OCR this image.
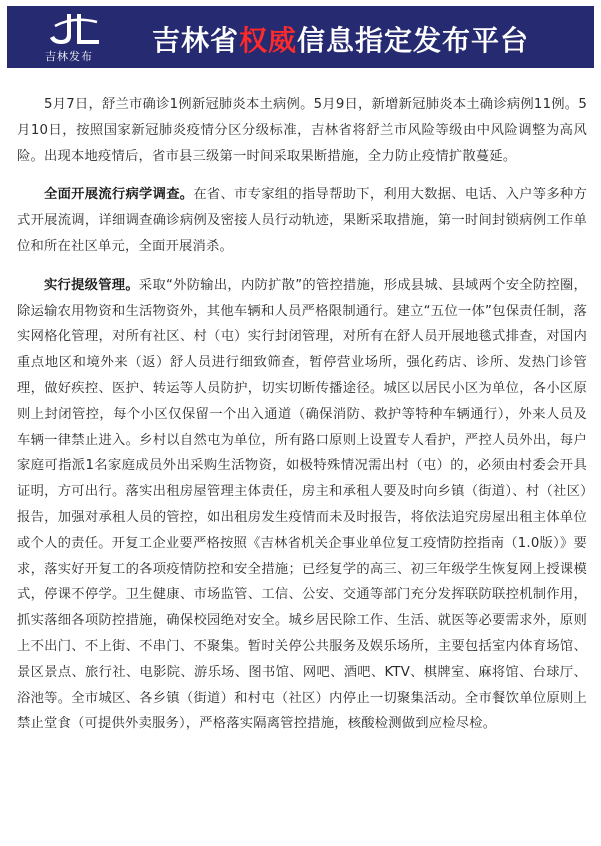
吉林发布 吉林省权威信息指定发布平台

5月7日，舒兰市确诊1例新冠肺炎本土病例。5月9日，新增新冠肺炎本土确诊病例11例。5月10日，按照国家新冠肺炎疫情分区分级标准，吉林省将舒兰市风险等级由中风险调整为高风险。出现本地疫情后，省市县三级第一时间采取果断措施，全力防止疫情扩散蔓延。

全面开展流行病学调查。在省、市专家组的指导帮助下，利用大数据、电话、入户等多种方式开展流调，详细调查确诊病例及密接人员行动轨迹，果断采取措施，第一时间封锁病例工作单位和所在社区单元，全面开展消杀。

实行提级管理。采取“外防输出，内防扩散”的管控措施，形成县城、县域两个安全防控圈，除运输农用物资和生活物资外，其他车辆和人员严格限制通行。建立“五位一体”包保责任制，落实网格化管理，对所有社区、村（屯）实行封闭管理，对所有在舒人员开展地毯式排查，对国内重点地区和境外来（返）舒人员进行细致筛查，暂停营业场所，强化药店、诊所、发热门诊管理，做好疾控、医护、转运等人员防护，切实切断传播途径。城区以居民小区为单位，各小区原则上封闭管控，每个小区仅保留一个出入通道（确保消防、救护等特种车辆通行），外来人员及车辆一律禁止进入。乡村以自然屯为单位，所有路口原则上设置专人看护，严控人员外出，每户家庭可指派1名家庭成员外出采购生活物资，如极特殊情况需出村（屯）的，必须由村委会开具证明，方可出行。落实出租房屋管理主体责任，房主和承租人要及时向乡镇（街道）、村（社区）报告，加强对承租人员的管控，如出租房发生疫情而未及时报告，将依法追究房屋出租主体单位或个人的责任。开复工企业要严格按照《吉林省机关企事业单位复工疫情防控指南（1.0版）》要求，落实好开复工的各项疫情防控和安全措施；已经复学的高三、初三年级学生恢复网上授课模式，停课不停学。卫生健康、市场监管、工信、公安、交通等部门充分发挥联防联控机制作用，抓实落细各项防控措施，确保校园绝对安全。城乡居民除工作、生活、就医等必要需求外，原则上不出门、不上街、不串门、不聚集。暂时关停公共服务及娱乐场所，主要包括室内体育场馆、景区景点、旅行社、电影院、游乐场、图书馆、网吧、酒吧、KTV、棋牌室、麻将馆、台球厅、浴池等。全市城区、各乡镇（街道）和村屯（社区）内停止一切聚集活动。全市餐饮单位原则上禁止堂食（可提供外卖服务），严格落实隔离管控措施，核酸检测做到应检尽检。
